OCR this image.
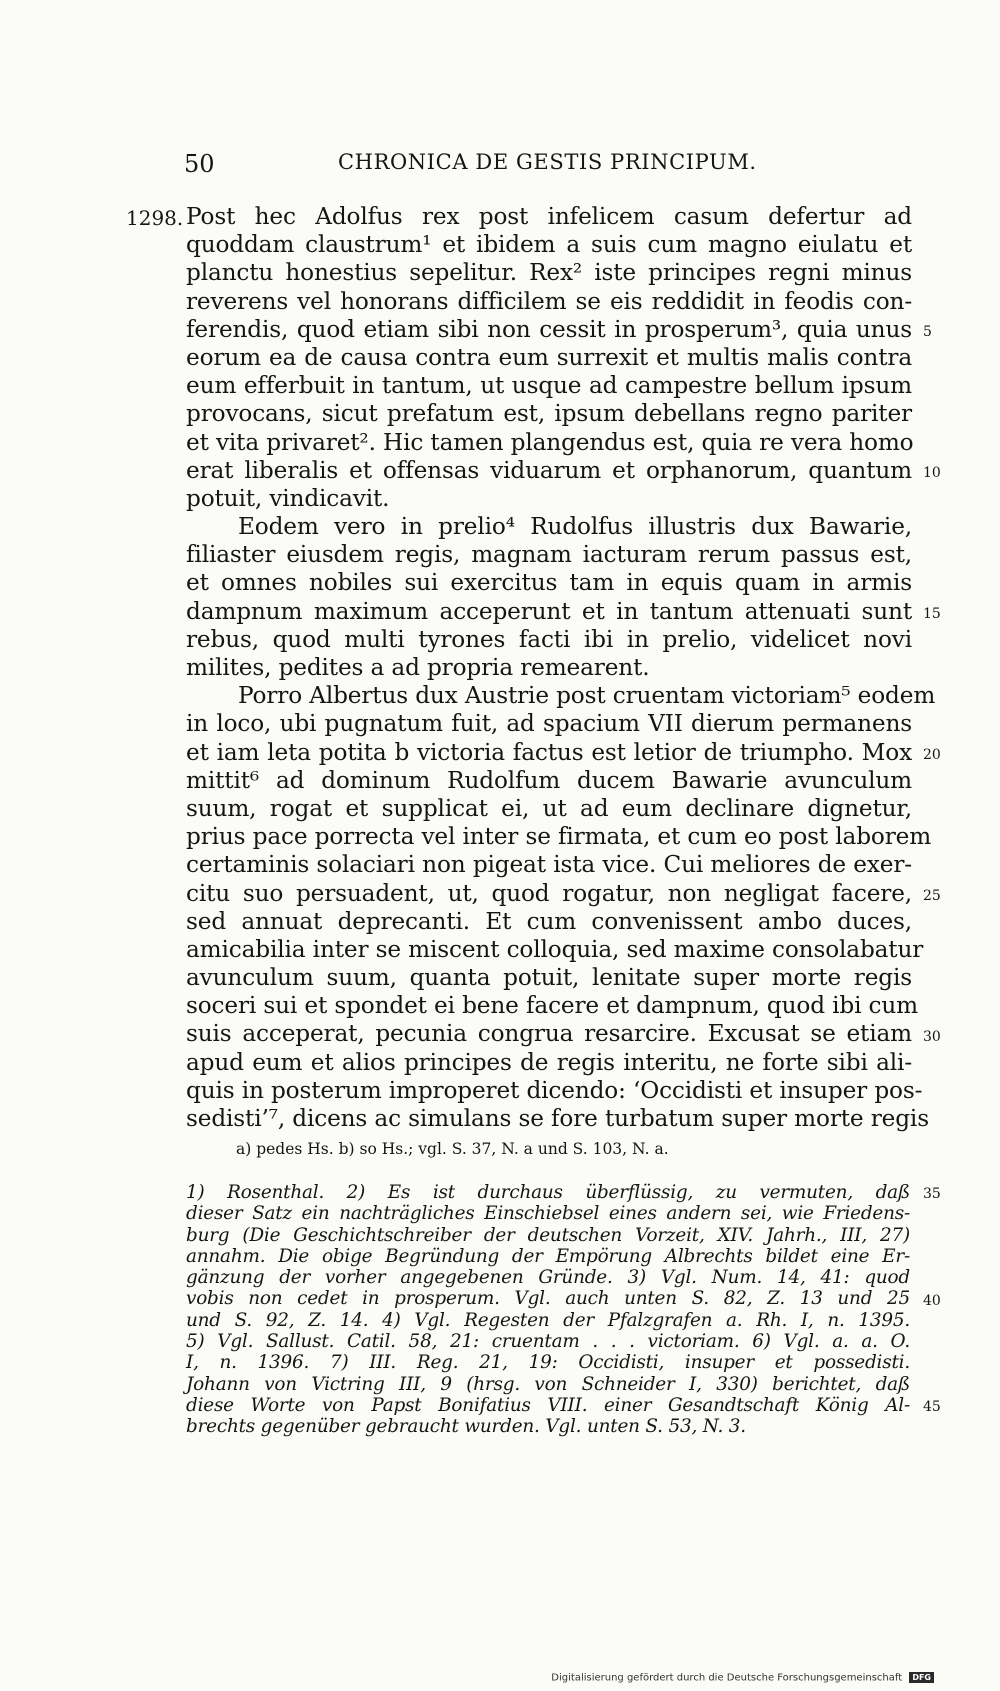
50	CHRONICA DE GESTIS PRINCIPUM.
1298. Post hec Adolfus rex post infelicem casum defertur ad
quoddam claustrum¹ et ibidem a suis cum magno eiulatu et
planctu honestius sepelitur. Rex² iste principes regni minus
reverens vel honorans difficilem se eis reddidit in feodis con-
ferendis, quod etiam sibi non cessit in prosperum³, quia unus
eorum ea de causa contra eum surrexit et multis malis contra
eum efferbuit in tantum, ut usque ad campestre bellum ipsum
provocans, sicut prefatum est, ipsum debellans regno pariter
et vita privaret². Hic tamen plangendus est, quia re vera homo
erat liberalis et offensas viduarum et orphanorum, quantum
potuit, vindicavit.
Eodem vero in prelio⁴ Rudolfus illustris dux Bawarie,
filiaster eiusdem regis, magnam iacturam rerum passus est,
et omnes nobiles sui exercitus tam in equis quam in armis
dampnum maximum acceperunt et in tantum attenuati sunt
rebus, quod multi tyrones facti ibi in prelio, videlicet novi
milites, pedites a ad propria remearent.
Porro Albertus dux Austrie post cruentam victoriam⁵ eodem
in loco, ubi pugnatum fuit, ad spacium VII dierum permanens
et iam leta potita b victoria factus est letior de triumpho. Mox
mittit⁶ ad dominum Rudolfum ducem Bawarie avunculum
suum, rogat et supplicat ei, ut ad eum declinare dignetur,
prius pace porrecta vel inter se firmata, et cum eo post laborem
certaminis solaciari non pigeat ista vice. Cui meliores de exer-
citu suo persuadent, ut, quod rogatur, non negligat facere,
sed annuat deprecanti. Et cum convenissent ambo duces,
amicabilia inter se miscent colloquia, sed maxime consolabatur
avunculum suum, quanta potuit, lenitate super morte regis
soceri sui et spondet ei bene facere et dampnum, quod ibi cum
suis acceperat, pecunia congrua resarcire. Excusat se etiam
apud eum et alios principes de regis interitu, ne forte sibi ali-
quis in posterum improperet dicendo: ‘Occidisti et insuper pos-
sedisti’⁷, dicens ac simulans se fore turbatum super morte regis
5
10
15
20
25
30
a) pedes Hs. b) so Hs.; vgl. S. 37, N. a und S. 103, N. a.
1) Rosenthal. 2) Es ist durchaus überflüssig, zu vermuten, daß
dieser Satz ein nachträgliches Einschiebsel eines andern sei, wie Friedens-
burg (Die Geschichtschreiber der deutschen Vorzeit, XIV. Jahrh., III, 27)
annahm. Die obige Begründung der Empörung Albrechts bildet eine Er-
gänzung der vorher angegebenen Gründe. 3) Vgl. Num. 14, 41: quod
vobis non cedet in prosperum. Vgl. auch unten S. 82, Z. 13 und 25
und S. 92, Z. 14. 4) Vgl. Regesten der Pfalzgrafen a. Rh. I, n. 1395.
5) Vgl. Sallust. Catil. 58, 21: cruentam . . . victoriam. 6) Vgl. a. a. O.
I, n. 1396. 7) III. Reg. 21, 19: Occidisti, insuper et possedisti.
Johann von Victring III, 9 (hrsg. von Schneider I, 330) berichtet, daß
diese Worte von Papst Bonifatius VIII. einer Gesandtschaft König Al-
brechts gegenüber gebraucht wurden. Vgl. unten S. 53, N. 3.
35
40
45
Digitalisierung gefördert durch die Deutsche Forschungsgemeinschaft DFG
